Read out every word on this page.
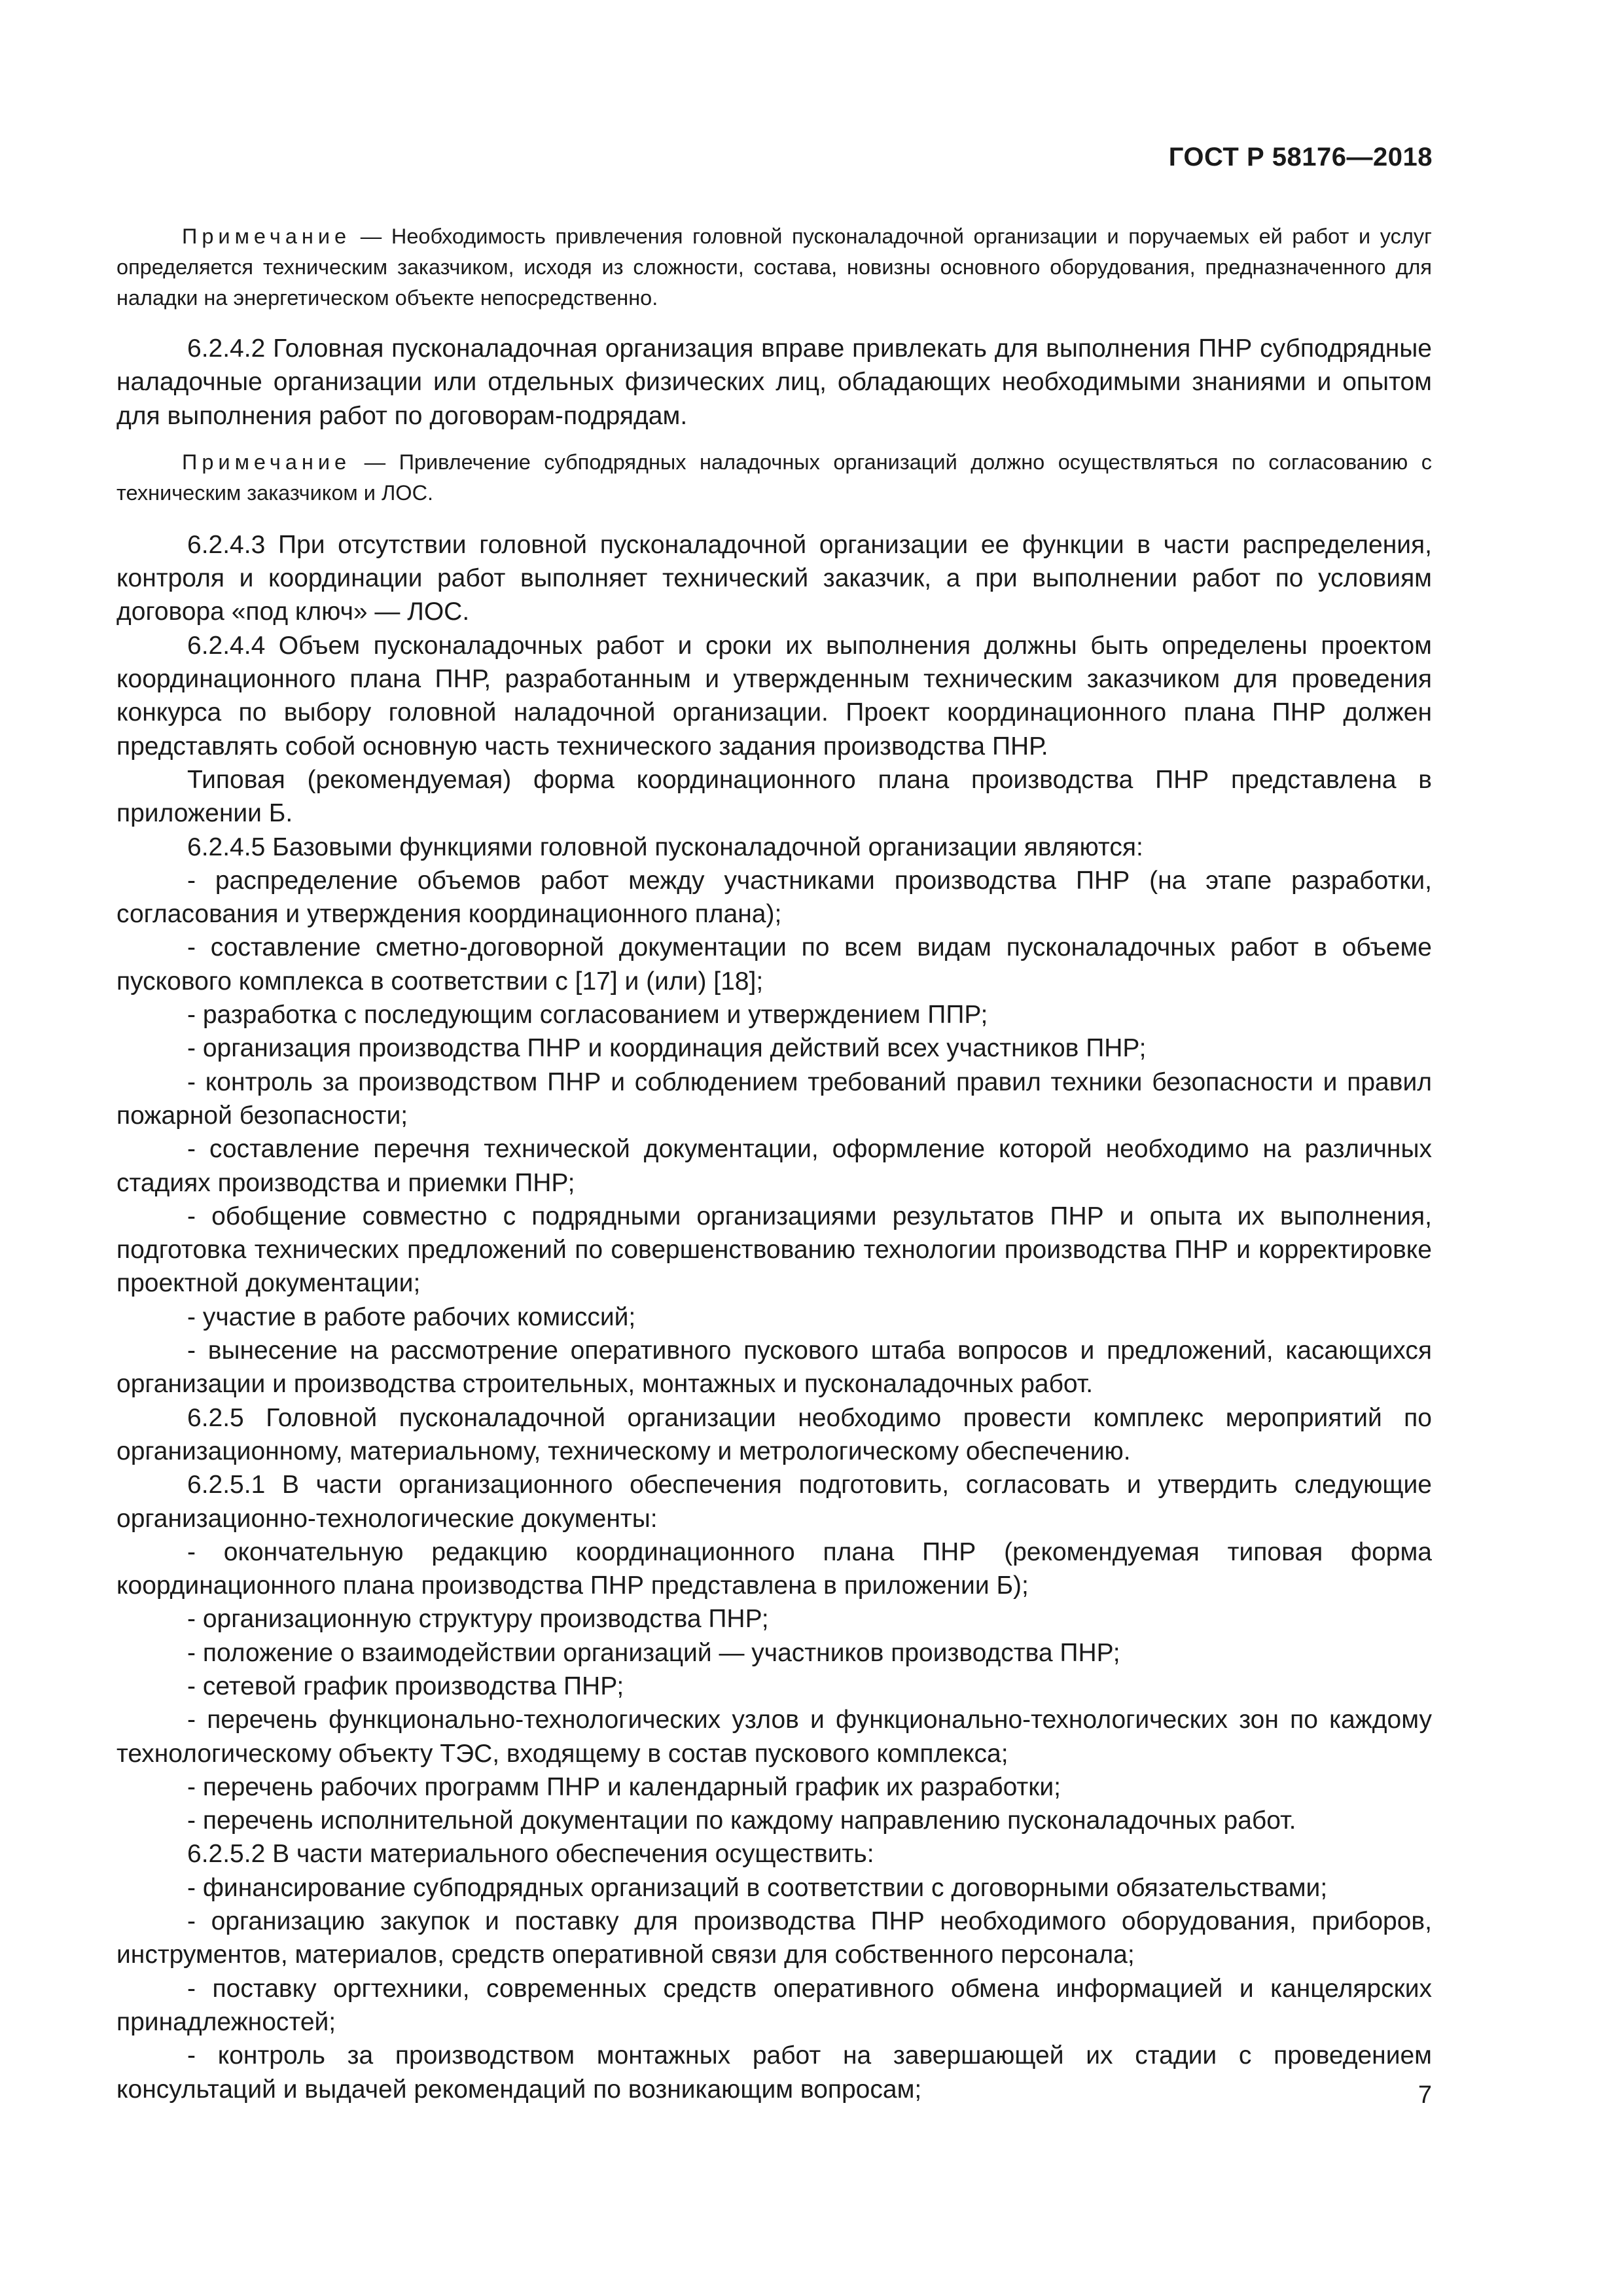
ГОСТ Р 58176—2018

Примечание — Необходимость привлечения головной пусконаладочной организации и поручаемых ей работ и услуг определяется техническим заказчиком, исходя из сложности, состава, новизны основного оборудования, предназначенного для наладки на энергетическом объекте непосредственно.

6.2.4.2 Головная пусконаладочная организация вправе привлекать для выполнения ПНР субподрядные наладочные организации или отдельных физических лиц, обладающих необходимыми знаниями и опытом для выполнения работ по договорам-подрядам.

Примечание — Привлечение субподрядных наладочных организаций должно осуществляться по согласованию с техническим заказчиком и ЛОС.

6.2.4.3 При отсутствии головной пусконаладочной организации ее функции в части распределения, контроля и координации работ выполняет технический заказчик, а при выполнении работ по условиям договора «под ключ» — ЛОС.

6.2.4.4 Объем пусконаладочных работ и сроки их выполнения должны быть определены проектом координационного плана ПНР, разработанным и утвержденным техническим заказчиком для проведения конкурса по выбору головной наладочной организации. Проект координационного плана ПНР должен представлять собой основную часть технического задания производства ПНР.

Типовая (рекомендуемая) форма координационного плана производства ПНР представлена в приложении Б.

6.2.4.5 Базовыми функциями головной пусконаладочной организации являются:

- распределение объемов работ между участниками производства ПНР (на этапе разработки, согласования и утверждения координационного плана);

- составление сметно-договорной документации по всем видам пусконаладочных работ в объеме пускового комплекса в соответствии с [17] и (или) [18];

- разработка с последующим согласованием и утверждением ППР;

- организация производства ПНР и координация действий всех участников ПНР;

- контроль за производством ПНР и соблюдением требований правил техники безопасности и правил пожарной безопасности;

- составление перечня технической документации, оформление которой необходимо на различных стадиях производства и приемки ПНР;

- обобщение совместно с подрядными организациями результатов ПНР и опыта их выполнения, подготовка технических предложений по совершенствованию технологии производства ПНР и корректировке проектной документации;

- участие в работе рабочих комиссий;

- вынесение на рассмотрение оперативного пускового штаба вопросов и предложений, касающихся организации и производства строительных, монтажных и пусконаладочных работ.

6.2.5 Головной пусконаладочной организации необходимо провести комплекс мероприятий по организационному, материальному, техническому и метрологическому обеспечению.

6.2.5.1 В части организационного обеспечения подготовить, согласовать и утвердить следующие организационно-технологические документы:

- окончательную редакцию координационного плана ПНР (рекомендуемая типовая форма координационного плана производства ПНР представлена в приложении Б);

- организационную структуру производства ПНР;

- положение о взаимодействии организаций — участников производства ПНР;

- сетевой график производства ПНР;

- перечень функционально-технологических узлов и функционально-технологических зон по каждому технологическому объекту ТЭС, входящему в состав пускового комплекса;

- перечень рабочих программ ПНР и календарный график их разработки;

- перечень исполнительной документации по каждому направлению пусконаладочных работ.

6.2.5.2 В части материального обеспечения осуществить:

- финансирование субподрядных организаций в соответствии с договорными обязательствами;

- организацию закупок и поставку для производства ПНР необходимого оборудования, приборов, инструментов, материалов, средств оперативной связи для собственного персонала;

- поставку оргтехники, современных средств оперативного обмена информацией и канцелярских принадлежностей;

- контроль за производством монтажных работ на завершающей их стадии с проведением консультаций и выдачей рекомендаций по возникающим вопросам;	7
